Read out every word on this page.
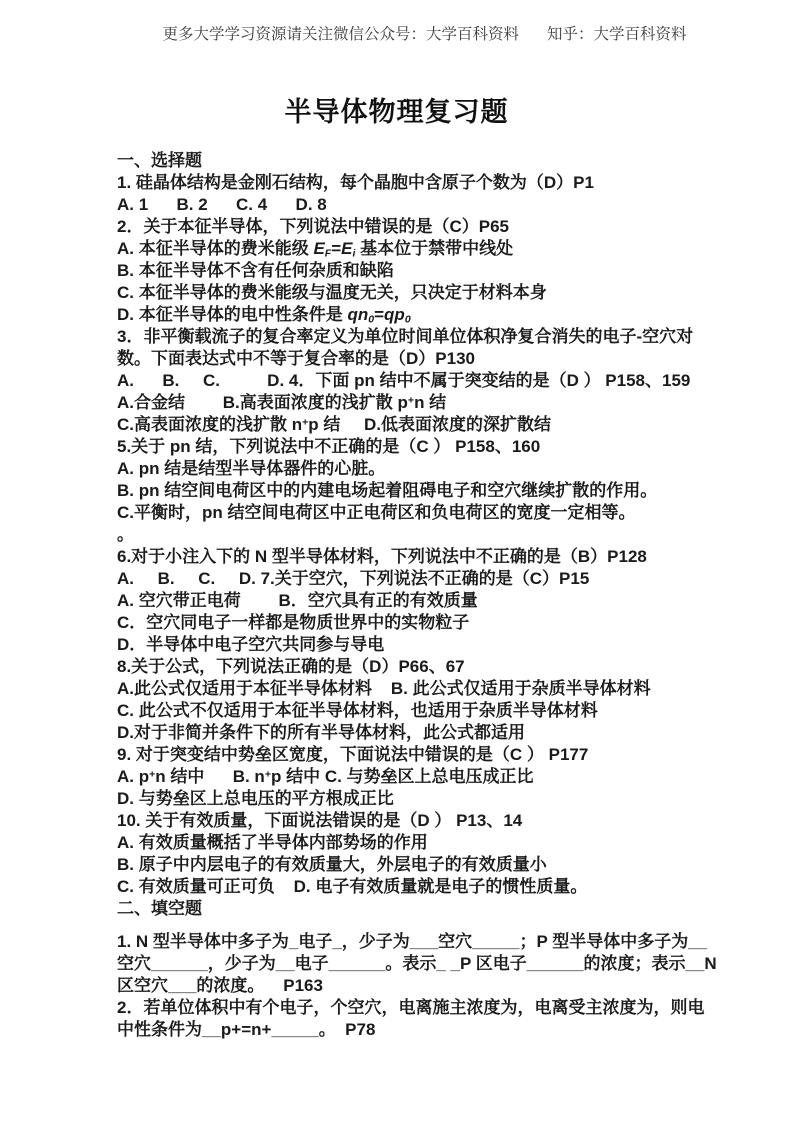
更多大学学习资源请关注微信公众号：大学百科资料 知乎：大学百科资料
半导体物理复习题
一、选择题
1. 硅晶体结构是金刚石结构，每个晶胞中含原子个数为（D）P1
A. 1      B. 2      C. 4      D. 8
2．关于本征半导体，下列说法中错误的是（C）P65
A. 本征半导体的费米能级 $E_F=E_i$ 基本位于禁带中线处
B. 本征半导体不含有任何杂质和缺陷
C. 本征半导体的费米能级与温度无关，只决定于材料本身
D. 本征半导体的电中性条件是 $qn_0=qp_0$
3．非平衡载流子的复合率定义为单位时间单位体积净复合消失的电子-空穴对
数。下面表达式中不等于复合率的是（D）P130
A.      B.     C.          D. 4．下面 pn 结中不属于突变结的是（D ） P158、159
A.合金结        B.高表面浓度的浅扩散 p+n 结
C.高表面浓度的浅扩散 n+p 结     D.低表面浓度的深扩散结
5.关于 pn 结，下列说法中不正确的是（C ） P158、160
A. pn 结是结型半导体器件的心脏。
B. pn 结空间电荷区中的内建电场起着阻碍电子和空穴继续扩散的作用。
C.平衡时，pn 结空间电荷区中正电荷区和负电荷区的宽度一定相等。
。
6.对于小注入下的 N 型半导体材料，下列说法中不正确的是（B）P128
A.     B.     C.     D. 7.关于空穴，下列说法不正确的是（C）P15
A. 空穴带正电荷        B．空穴具有正的有效质量
C．空穴同电子一样都是物质世界中的实物粒子
D．半导体中电子空穴共同参与导电
8.关于公式，下列说法正确的是（D）P66、67
A.此公式仅适用于本征半导体材料    B. 此公式仅适用于杂质半导体材料
C. 此公式不仅适用于本征半导体材料，也适用于杂质半导体材料
D.对于非简并条件下的所有半导体材料，此公式都适用
9. 对于突变结中势垒区宽度，下面说法中错误的是（C ） P177
A. p+n 结中      B. n+p 结中 C. 与势垒区上总电压成正比
D. 与势垒区上总电压的平方根成正比
10. 关于有效质量，下面说法错误的是（D ） P13、14
A. 有效质量概括了半导体内部势场的作用
B. 原子中内层电子的有效质量大，外层电子的有效质量小
C. 有效质量可正可负    D. 电子有效质量就是电子的惯性质量。
二、填空题
1. N 型半导体中多子为_电子_，少子为___空穴_____；P 型半导体中多子为__
空穴______，少子为__电子______。表示_ _P 区电子______的浓度；表示__N
区空穴___的浓度。    P163
2．若单位体积中有个电子，个空穴，电离施主浓度为，电离受主浓度为，则电
中性条件为__p+=n+_____。  P78
